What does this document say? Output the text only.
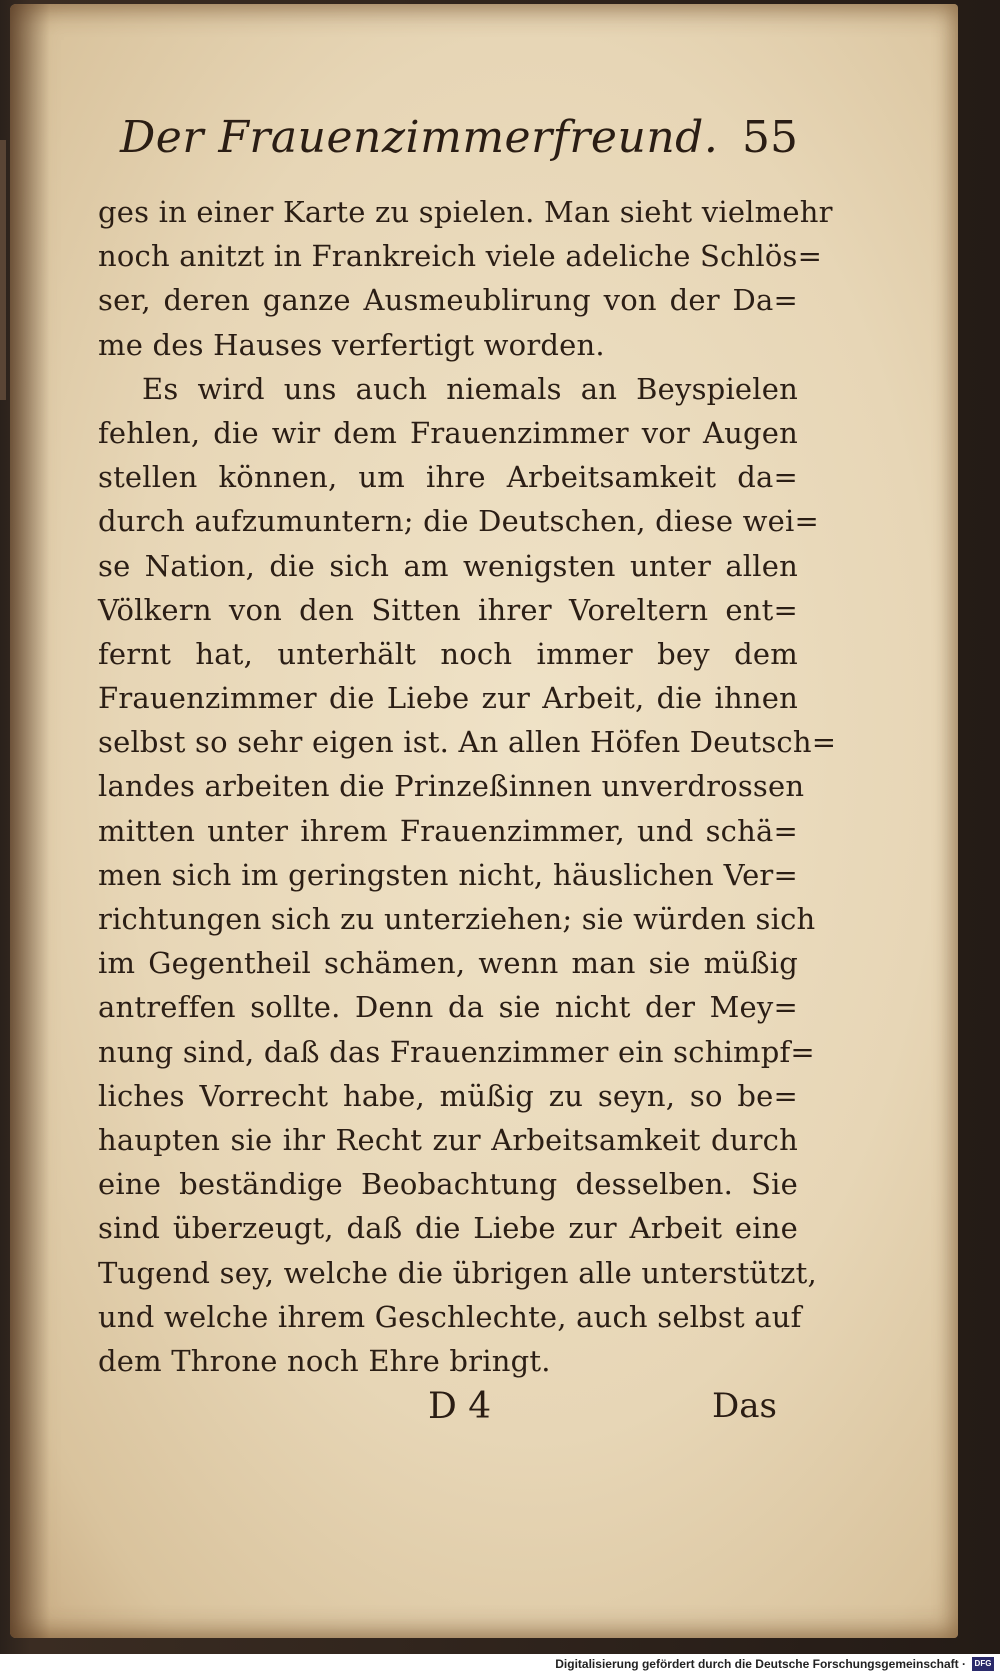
Der Frauenzimmerfreund. 55
ges in einer Karte zu spielen. Man sieht vielmehr
noch anitzt in Frankreich viele adeliche Schlös=
ser, deren ganze Ausmeublirung von der Da=
me des Hauses verfertigt worden.
Es wird uns auch niemals an Beyspielen
fehlen, die wir dem Frauenzimmer vor Augen
stellen können, um ihre Arbeitsamkeit da=
durch aufzumuntern; die Deutschen, diese wei=
se Nation, die sich am wenigsten unter allen
Völkern von den Sitten ihrer Voreltern ent=
fernt hat, unterhält noch immer bey dem
Frauenzimmer die Liebe zur Arbeit, die ihnen
selbst so sehr eigen ist. An allen Höfen Deutsch=
landes arbeiten die Prinzeßinnen unverdrossen
mitten unter ihrem Frauenzimmer, und schä=
men sich im geringsten nicht, häuslichen Ver=
richtungen sich zu unterziehen; sie würden sich
im Gegentheil schämen, wenn man sie müßig
antreffen sollte. Denn da sie nicht der Mey=
nung sind, daß das Frauenzimmer ein schimpf=
liches Vorrecht habe, müßig zu seyn, so be=
haupten sie ihr Recht zur Arbeitsamkeit durch
eine beständige Beobachtung desselben. Sie
sind überzeugt, daß die Liebe zur Arbeit eine
Tugend sey, welche die übrigen alle unterstützt,
und welche ihrem Geschlechte, auch selbst auf
dem Throne noch Ehre bringt.
D 4	Das
Digitalisierung gefördert durch die Deutsche Forschungsgemeinschaft ·	DFG
